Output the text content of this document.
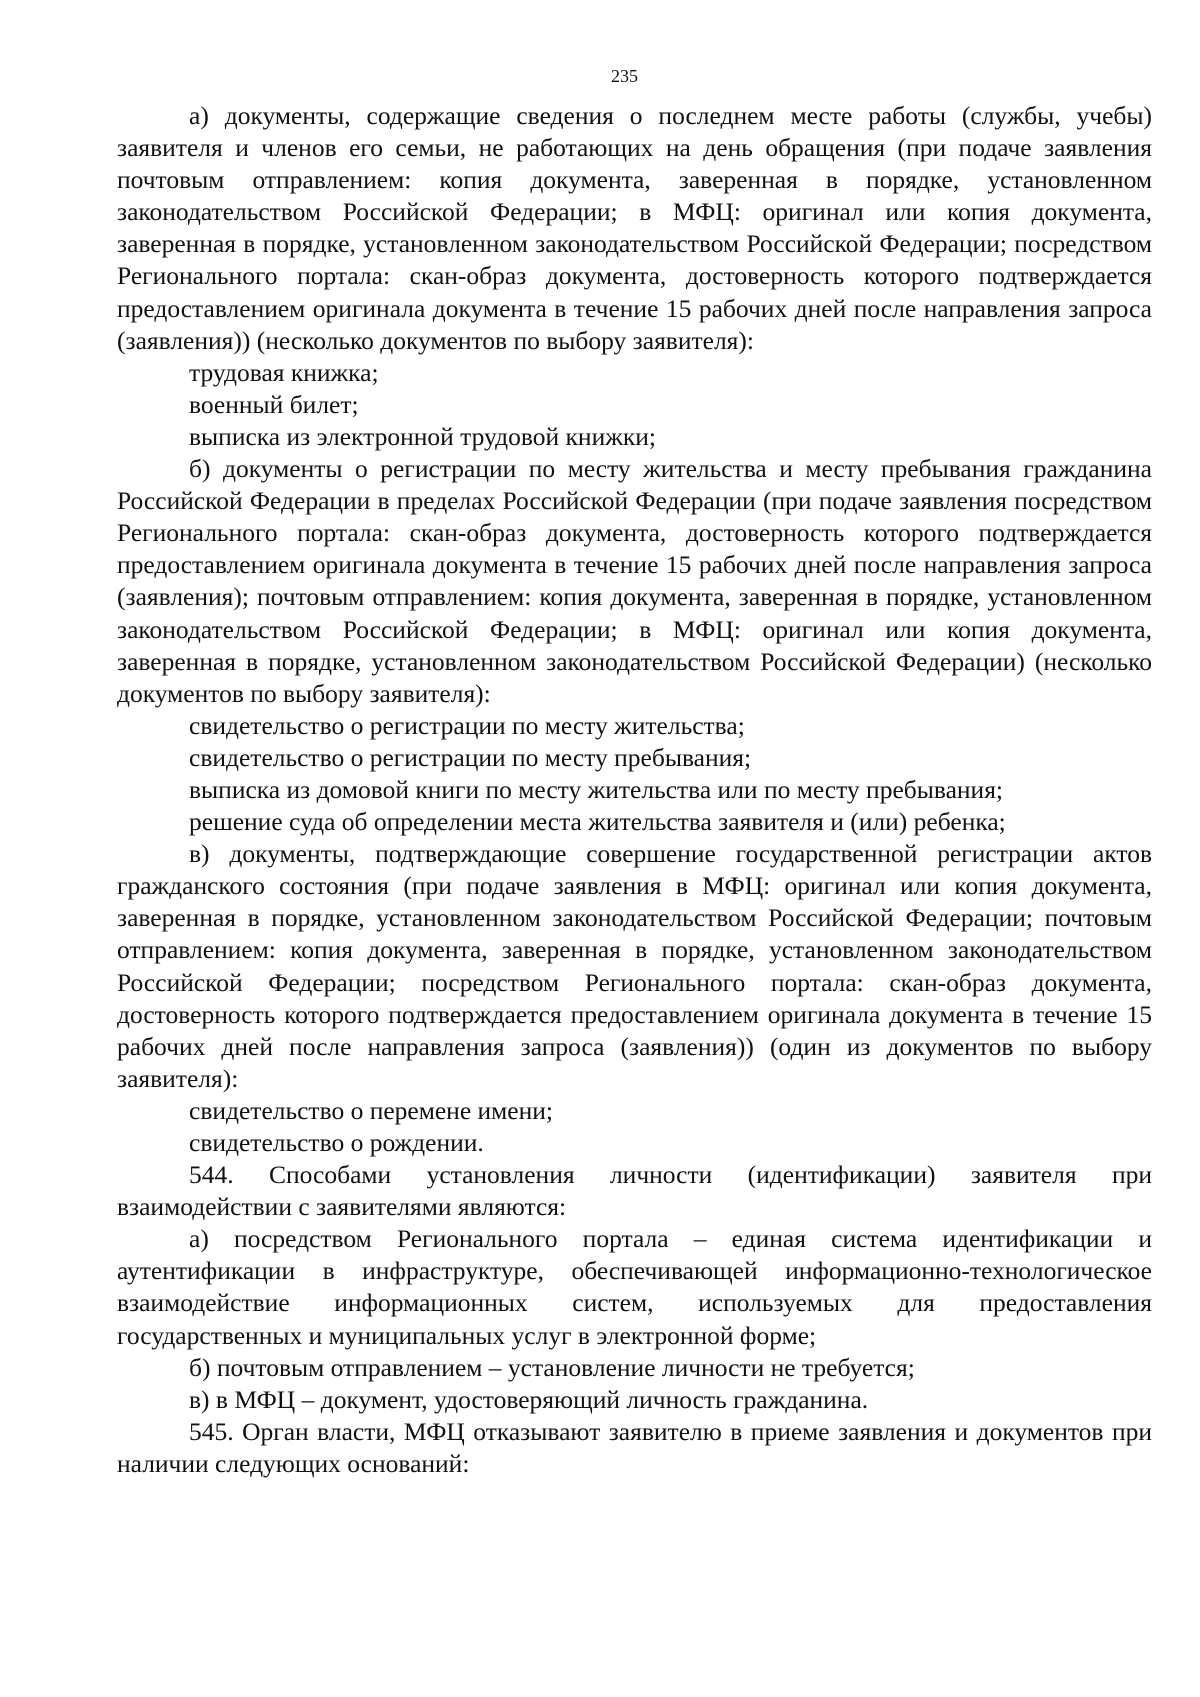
235

а) документы, содержащие сведения о последнем месте работы (службы, учебы) заявителя и членов его семьи, не работающих на день обращения (при подаче заявления почтовым отправлением: копия документа, заверенная в порядке, установленном законодательством Российской Федерации; в МФЦ: оригинал или копия документа, заверенная в порядке, установленном законодательством Российской Федерации; посредством Регионального портала: скан-образ документа, достоверность которого подтверждается предоставлением оригинала документа в течение 15 рабочих дней после направления запроса (заявления)) (несколько документов по выбору заявителя):

трудовая книжка;

военный билет;

выписка из электронной трудовой книжки;

б) документы о регистрации по месту жительства и месту пребывания гражданина Российской Федерации в пределах Российской Федерации (при подаче заявления посредством Регионального портала: скан-образ документа, достоверность которого подтверждается предоставлением оригинала документа в течение 15 рабочих дней после направления запроса (заявления); почтовым отправлением: копия документа, заверенная в порядке, установленном законодательством Российской Федерации; в МФЦ: оригинал или копия документа, заверенная в порядке, установленном законодательством Российской Федерации) (несколько документов по выбору заявителя):

свидетельство о регистрации по месту жительства;

свидетельство о регистрации по месту пребывания;

выписка из домовой книги по месту жительства или по месту пребывания;

решение суда об определении места жительства заявителя и (или) ребенка;

в) документы, подтверждающие совершение государственной регистрации актов гражданского состояния (при подаче заявления в МФЦ: оригинал или копия документа, заверенная в порядке, установленном законодательством Российской Федерации; почтовым отправлением: копия документа, заверенная в порядке, установленном законодательством Российской Федерации; посредством Регионального портала: скан-образ документа, достоверность которого подтверждается предоставлением оригинала документа в течение 15 рабочих дней после направления запроса (заявления)) (один из документов по выбору заявителя):

свидетельство о перемене имени;

свидетельство о рождении.

544. Способами установления личности (идентификации) заявителя при взаимодействии с заявителями являются:

а) посредством Регионального портала – единая система идентификации и аутентификации в инфраструктуре, обеспечивающей информационно-технологическое взаимодействие информационных систем, используемых для предоставления государственных и муниципальных услуг в электронной форме;

б) почтовым отправлением – установление личности не требуется;

в) в МФЦ – документ, удостоверяющий личность гражданина.

545. Орган власти, МФЦ отказывают заявителю в приеме заявления и документов при наличии следующих оснований:
